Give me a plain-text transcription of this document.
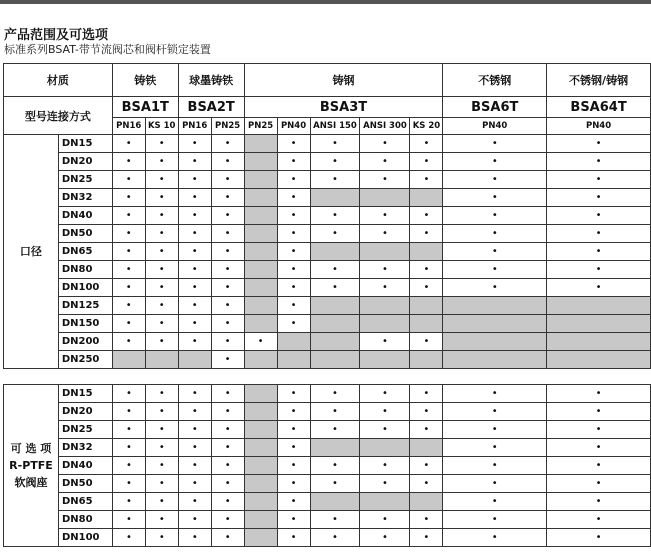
产品范围及可选项
标准系列BSAT-带节流阀芯和阀杆锁定装置
材质		铸铁		球墨铸铁		铸钢					不锈钢	不锈钢/铸钢
型号连接方式		BSA1T		BSA2T		BSA3T					BSA6T	BSA64T
		PN16	KS 10	PN16	PN25	PN25	PN40	ANSI 150	ANSI 300	KS 20	PN40	PN40
口径	DN15	•	•	•	•		•	•	•	•	•	•
	DN20	•	•	•	•		•	•	•	•	•	•
	DN25	•	•	•	•		•	•	•	•	•	•
	DN32	•	•	•	•		•				•	•
	DN40	•	•	•	•		•	•	•	•	•	•
	DN50	•	•	•	•		•	•	•	•	•	•
	DN65	•	•	•	•		•				•	•
	DN80	•	•	•	•		•	•	•	•	•	•
	DN100	•	•	•	•		•	•	•	•	•	•
	DN125	•	•	•	•		•					
	DN150	•	•	•	•		•					
	DN200	•	•	•	•	•			•	•		
	DN250				•							
可 选 项
R-PTFE
软阀座	DN15	•	•	•	•		•	•	•	•	•	•
	DN20	•	•	•	•		•	•	•	•	•	•
	DN25	•	•	•	•		•	•	•	•	•	•
	DN32	•	•	•	•		•				•	•
	DN40	•	•	•	•		•	•	•	•	•	•
	DN50	•	•	•	•		•	•	•	•	•	•
	DN65	•	•	•	•		•				•	•
	DN80	•	•	•	•		•	•	•	•	•	•
	DN100	•	•	•	•		•	•	•	•	•	•
